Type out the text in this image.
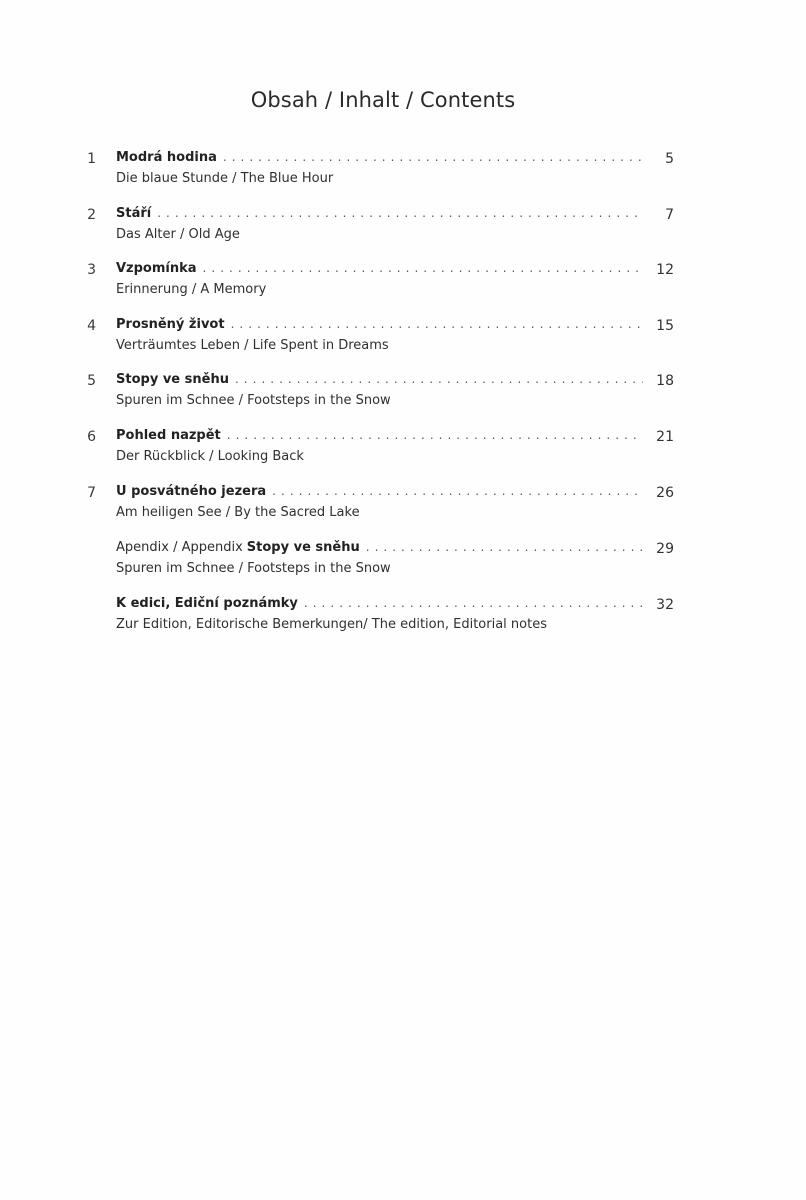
Obsah / Inhalt / Contents
1 Modrá hodina . . .	5
Die blaue Stunde / The Blue Hour
2 Stáří . . .	7
Das Alter / Old Age
3 Vzpomínka . . .	12
Erinnerung / A Memory
4 Prosněný život . . .	15
Verträumtes Leben / Life Spent in Dreams
5 Stopy ve sněhu . . .	18
Spuren im Schnee / Footsteps in the Snow
6 Pohled nazpět . . .	21
Der Rückblick / Looking Back
7 U posvátného jezera . . .	26
Am heiligen See / By the Sacred Lake
Apendix / Appendix Stopy ve sněhu . . .	29
Spuren im Schnee / Footsteps in the Snow
K edici, Ediční poznámky . . .	32
Zur Edition, Editorische Bemerkungen/ The edition, Editorial notes
